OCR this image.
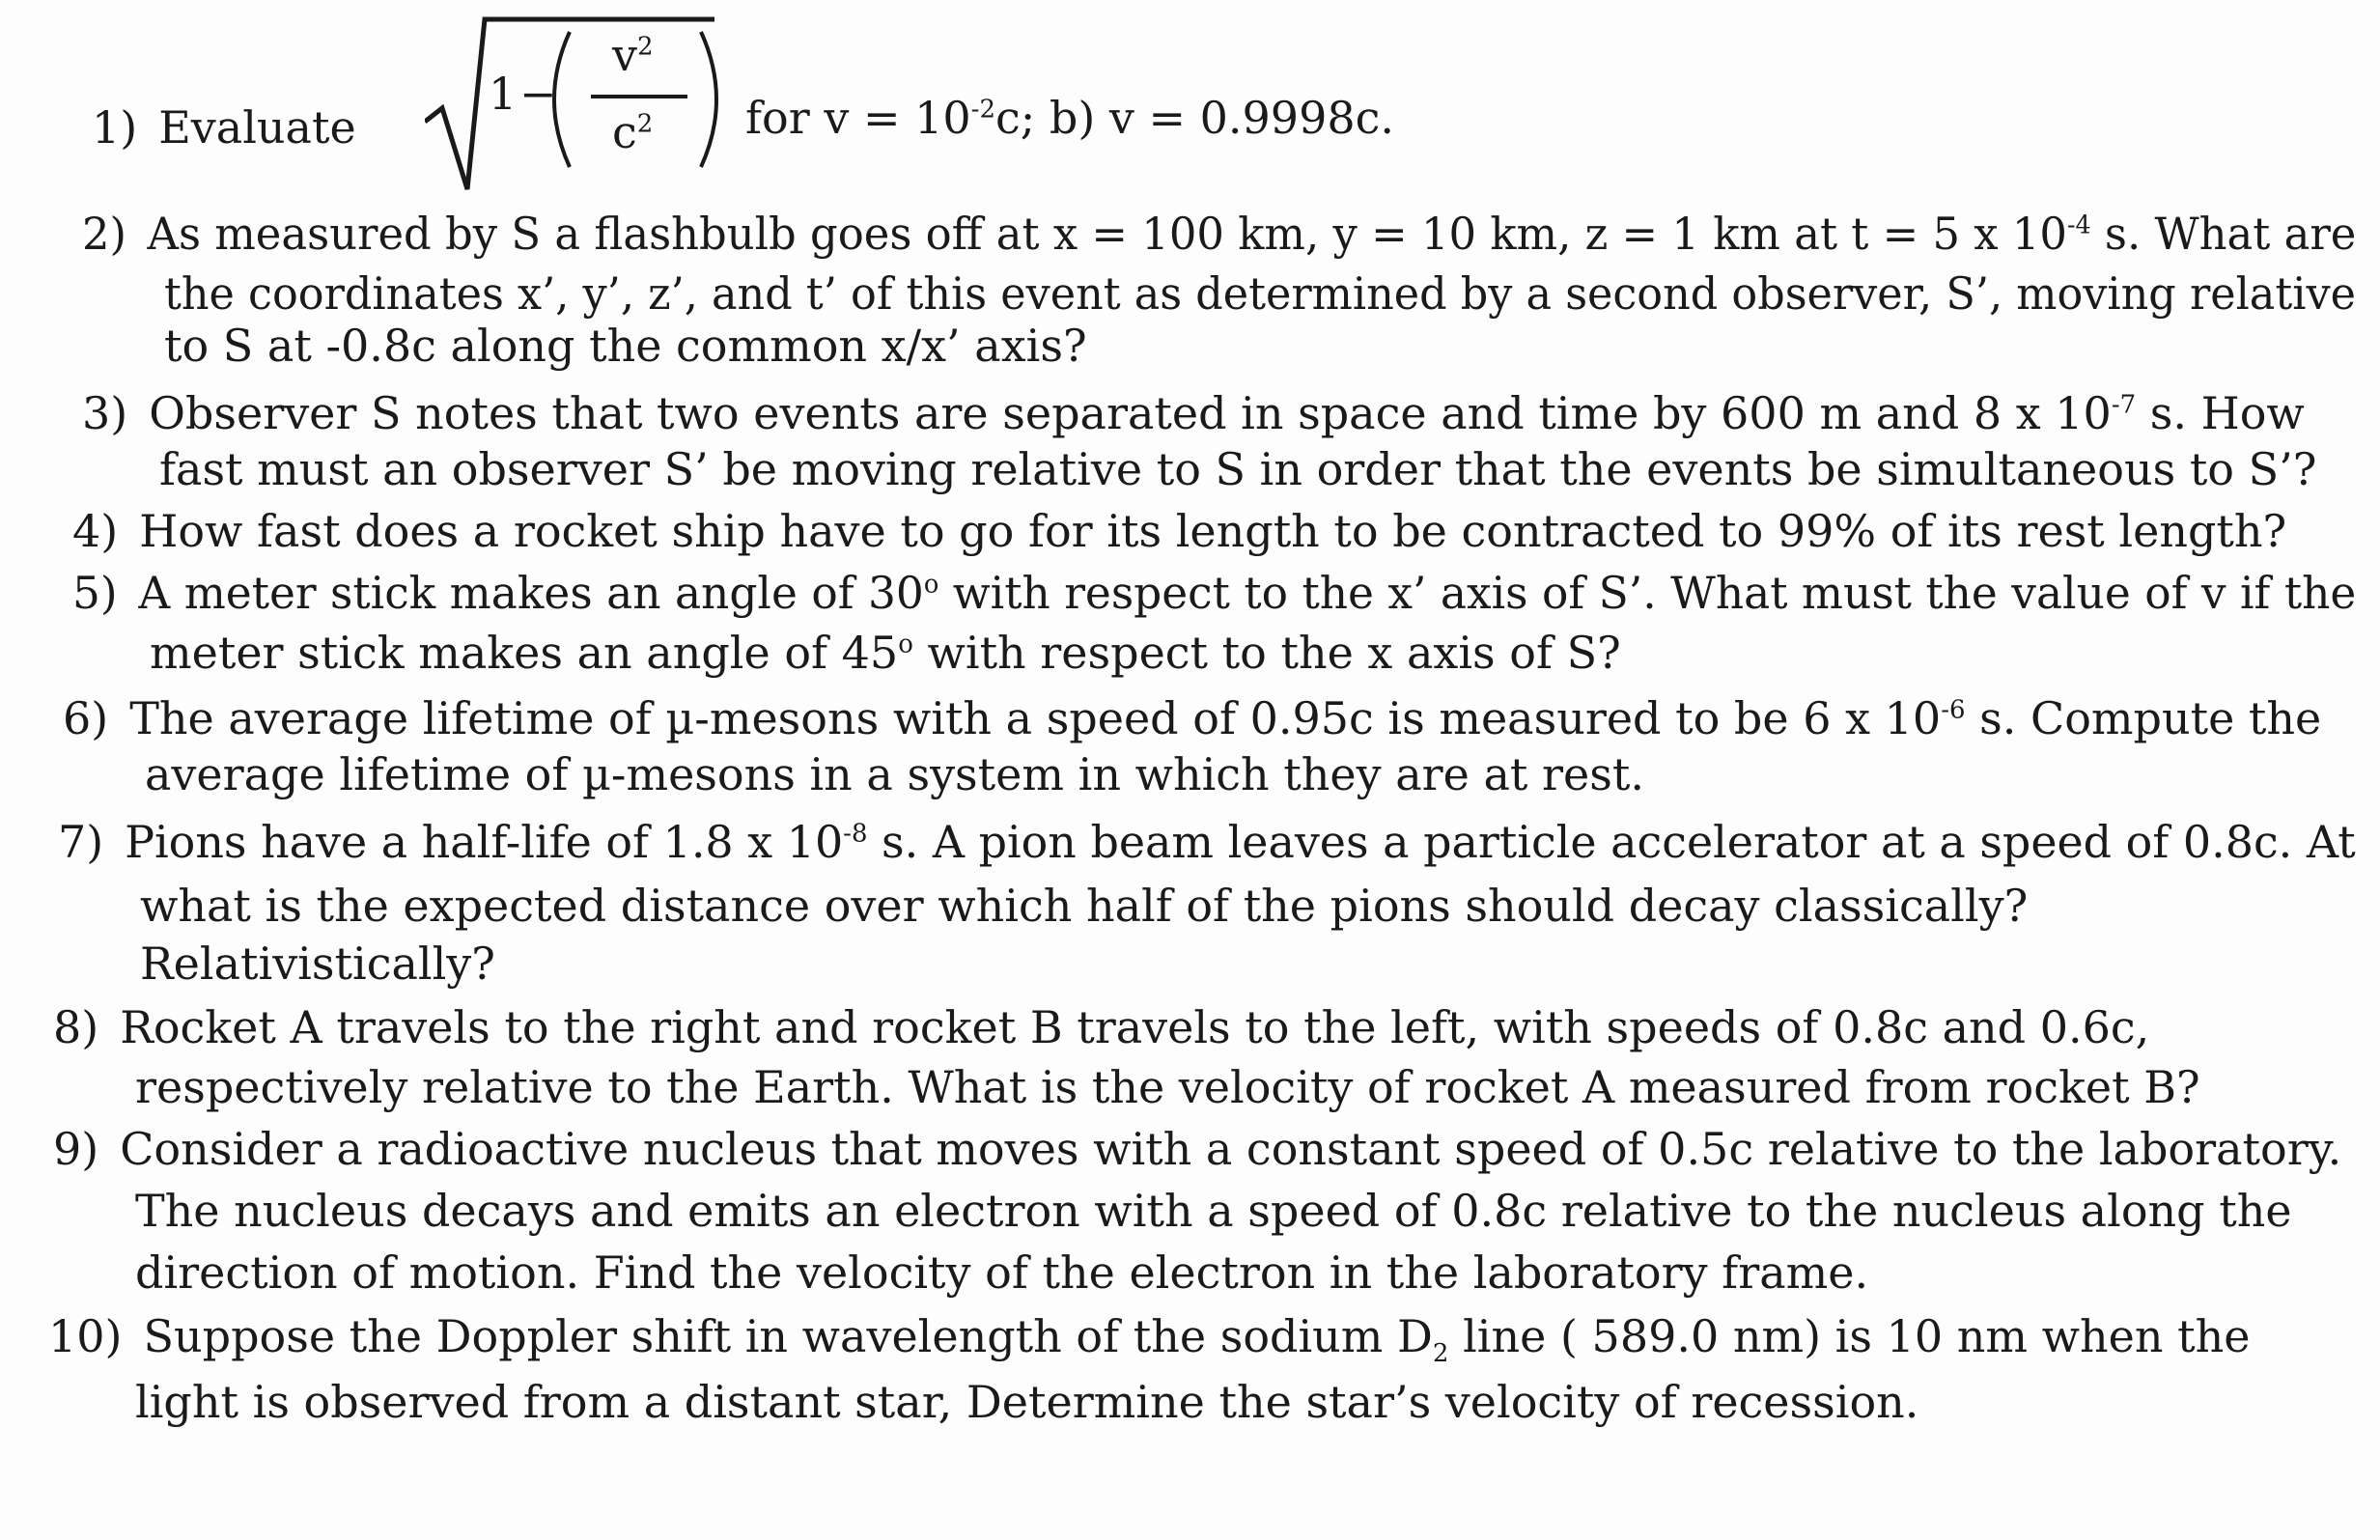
1) Evaluate
1 −
$v^2$
$c^2$ for $v = 10^{-2}c$; b) v = 0.9998c.
2) As measured by S a flashbulb goes off at x = 100 km, y = 10 km, z = 1 km at t = 5 x $10^{-4}$ s. What are
the coordinates x’, y’, z’, and t’ of this event as determined by a second observer, S’, moving relative
to S at -0.8c along the common x/x’ axis?
3) Observer S notes that two events are separated in space and time by 600 m and 8 x $10^{-7}$ s. How
fast must an observer S’ be moving relative to S in order that the events be simultaneous to S’?
4) How fast does a rocket ship have to go for its length to be contracted to 99% of its rest length?
5) A meter stick makes an angle of 30$^o$ with respect to the x’ axis of S’. What must the value of v if the
meter stick makes an angle of 45$^o$ with respect to the x axis of S?
6) The average lifetime of µ-mesons with a speed of 0.95c is measured to be 6 x $10^{-6}$ s. Compute the
average lifetime of µ-mesons in a system in which they are at rest.
7) Pions have a half-life of 1.8 x $10^{-8}$ s. A pion beam leaves a particle accelerator at a speed of 0.8c. At
what is the expected distance over which half of the pions should decay classically?
Relativistically?
8) Rocket A travels to the right and rocket B travels to the left, with speeds of 0.8c and 0.6c,
respectively relative to the Earth. What is the velocity of rocket A measured from rocket B?
9) Consider a radioactive nucleus that moves with a constant speed of 0.5c relative to the laboratory.
The nucleus decays and emits an electron with a speed of 0.8c relative to the nucleus along the
direction of motion. Find the velocity of the electron in the laboratory frame.
10) Suppose the Doppler shift in wavelength of the sodium $D_2$ line ( 589.0 nm) is 10 nm when the
light is observed from a distant star, Determine the star’s velocity of recession.
